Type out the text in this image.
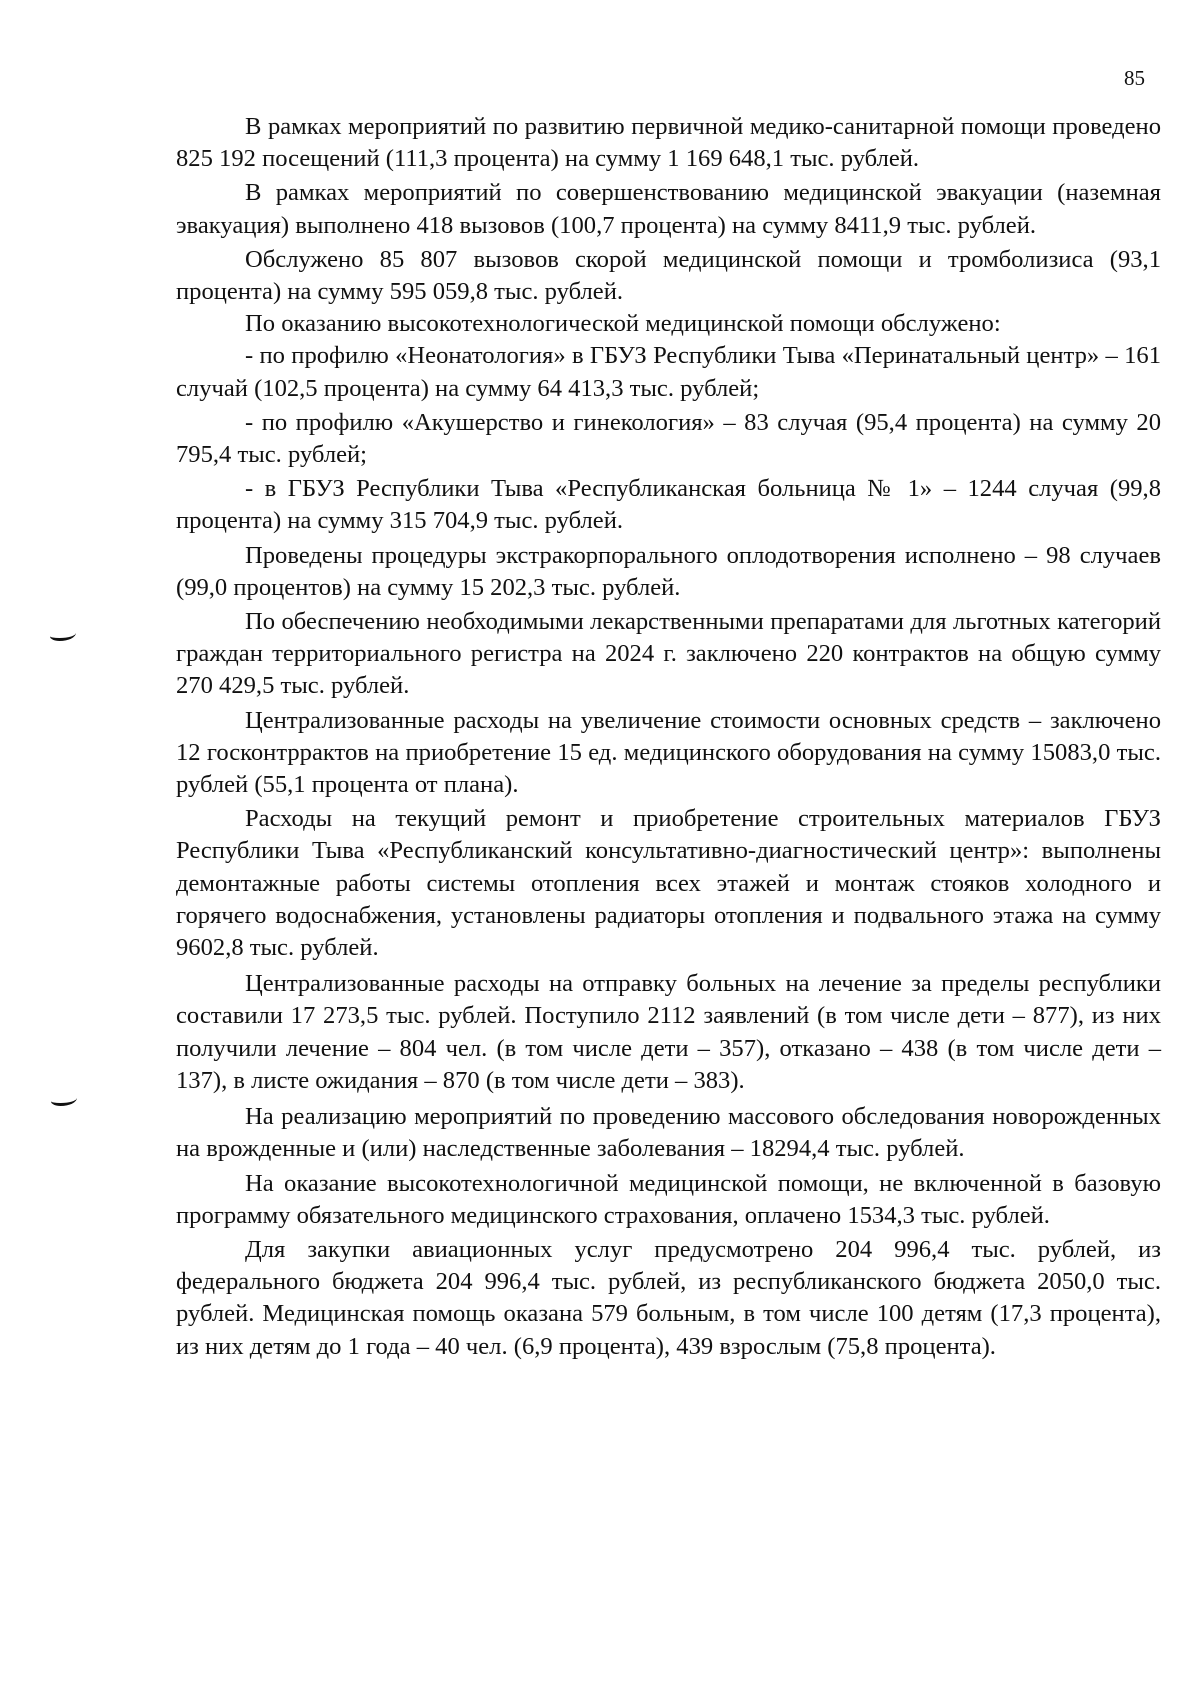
85

В рамках мероприятий по развитию первичной медико-санитарной помощи проведено 825 192 посещений (111,3 процента) на сумму 1 169 648,1 тыс. рублей.

В рамках мероприятий по совершенствованию медицинской эвакуации (наземная эвакуация) выполнено 418 вызовов (100,7 процента) на сумму 8411,9 тыс. рублей.

Обслужено 85 807 вызовов скорой медицинской помощи и тромболизиса (93,1 процента) на сумму 595 059,8 тыс. рублей.

По оказанию высокотехнологической медицинской помощи обслужено:

- по профилю «Неонатология» в ГБУЗ Республики Тыва «Перинатальный центр» – 161 случай (102,5 процента) на сумму 64 413,3 тыс. рублей;

- по профилю «Акушерство и гинекология» – 83 случая (95,4 процента) на сумму 20 795,4 тыс. рублей;

- в ГБУЗ Республики Тыва «Республиканская больница № 1» – 1244 случая (99,8 процента) на сумму 315 704,9 тыс. рублей.

Проведены процедуры экстракорпорального оплодотворения исполнено – 98 случаев (99,0 процентов) на сумму 15 202,3 тыс. рублей.

По обеспечению необходимыми лекарственными препаратами для льготных категорий граждан территориального регистра на 2024 г. заключено 220 контрактов на общую сумму 270 429,5 тыс. рублей.

Централизованные расходы на увеличение стоимости основных средств – заключено 12 госконтррактов на приобретение 15 ед. медицинского оборудования на сумму 15083,0 тыс. рублей (55,1 процента от плана).

Расходы на текущий ремонт и приобретение строительных материалов ГБУЗ Республики Тыва «Республиканский консультативно-диагностический центр»: выполнены демонтажные работы системы отопления всех этажей и монтаж стояков холодного и горячего водоснабжения, установлены радиаторы отопления и подвального этажа на сумму 9602,8 тыс. рублей.

Централизованные расходы на отправку больных на лечение за пределы республики составили 17 273,5 тыс. рублей. Поступило 2112 заявлений (в том числе дети – 877), из них получили лечение – 804 чел. (в том числе дети – 357), отказано – 438 (в том числе дети – 137), в листе ожидания – 870 (в том числе дети – 383).

На реализацию мероприятий по проведению массового обследования новорожденных на врожденные и (или) наследственные заболевания – 18294,4 тыс. рублей.

На оказание высокотехнологичной медицинской помощи, не включенной в базовую программу обязательного медицинского страхования, оплачено 1534,3 тыс. рублей.

Для закупки авиационных услуг предусмотрено 204 996,4 тыс. рублей, из федерального бюджета 204 996,4 тыс. рублей, из республиканского бюджета 2050,0 тыс. рублей. Медицинская помощь оказана 579 больным, в том числе 100 детям (17,3 процента), из них детям до 1 года – 40 чел. (6,9 процента), 439 взрослым (75,8 процента).
